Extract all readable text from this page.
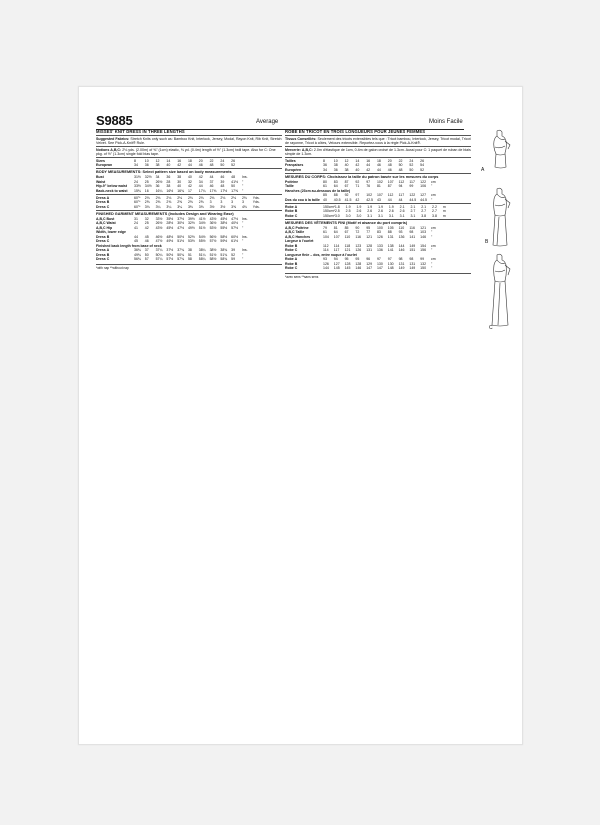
S9885	Average	Moins Facile
MISSES' KNIT DRESS IN THREE LENGTHS
Suggested Fabrics: Stretch Knits only such as: Bamboo Knit, Interlock, Jersey, Modal, Rayon Knit, Rib Knit, Stretch Velvet. See Pick-A-Knit® Rule.
Notions A,B,C: 2⅛ yds. (2.00m) of ⅜" (1cm) elastic, ⅜ yd. (0.4m) length of ½" (1.3cm) twill tape. Also for C: One pkg. of ½" (1.3cm) single fold bias tape.
Sizes	8	10	12	14	16	18	20	22	24	26
European	34	36	38	40	42	44	46	48	50	52
BODY MEASUREMENTS: Select pattern size based on body measurements
Bust	31½	32½	34	36	38	40	42	44	46	48	Ins.
Waist	24	25	26½	28	30	32	34	37	39	41½	"
Hip-9" below waist	33½	34½	36	38	40	42	44	46	48	50	"
Back-neck to waist	15¾	16	16¼	16½	16¾	17	17¼	17⅜	17½	17⅝	"
Dress A	60"*	2⅛	2⅛	2⅛	2⅛	2⅛	2⅛	2⅛	2⅛	2⅛	2⅛	Yds.
Dress B	60"*	2⅝	2⅝	2⅝	2⅝	2⅝	2⅝	3	3	3	3	Yds.
Dress C	60"*	3⅛	3¼	3¼	3¼	3⅜	3⅜	3½	3½	3⅝	4⅛	Yds.
FINISHED GARMENT MEASUREMENTS (Includes Design and Wearing Ease)
A,B,C Bust	31	32	33½	35½	37½	39½	41½	43½	45½	47½	Ins.
A,B,C Waist	24	25	26½	28½	30½	32½	34½	36½	38½	40½	"
A,B,C Hip	41	42	43½	45½	47½	49½	51½	53½	55½	57½	"
Width, lower edge
Dress B	44	45	46½	48½	50½	52½	54½	56½	58½	60½	Ins.
Dress C	45	46	47½	49½	51½	53½	55½	57½	59½	61½	"
Finished back length from base of neck
Dress A	36¾	37	37¼	37½	37¾	38	38¼	38½	38¾	39	Ins.
Dress B	49¾	50	50¼	50½	50¾	51	51¼	51½	51¾	52	"
Dress C	56¾	57	57¼	57½	57¾	58	58¼	58½	58¾	59	"
*with nap **without nap
ROBE EN TRICOT EN TROIS LONGUEURS POUR JEUNES FEMMES
Tissus Conseillés: Seulement des tricots extensibles tels que : Tricot bambou, Interlock, Jersey, Tricot modal, Tricot de rayonne, Tricot à côtes, Velours extensible. Reportez-vous à la règle Pick-A-Knit®.
Mercerie: A,B,C: 2.0m d'élastique de 1cm, 0.4m de galon croisé de 1.3cm. Aussi pour C: 1 paquet de ruban de biais simple de 1.3cm.
Tailles	8	10	12	14	16	18	20	22	24	26
Françaises	36	38	40	42	44	46	48	50	52	54
Européen	34	36	38	40	42	44	46	48	50	52
MESURES DU CORPS: Choisissez la taille du patron basée sur les mesures du corps
Poitrine	80	83	87	92	97	102	107	112	117	122	cm
Taille	61	64	67	71	76	81	87	94	99	106	"
Hanches (23cm au-dessous de la taille)
	85	88	92	97	102	107	112	117	122	127	cm
Dos du cou à la taille	40	40.5	41.5	42	42.5	43	44	44	44.5	44.5	"
Robe A	150cm*	1.8	1.9	1.9	1.9	1.9	1.9	2.1	2.1	2.1	2.2	m
Robe B	150cm*	2.5	2.5	2.6	2.6	2.6	2.6	2.6	2.7	2.7	2.7	m
Robe C	150cm*	3.0	3.0	3.0	3.1	3.1	3.1	3.1	3.1	3.8	3.8	m
MESURES DES VÊTEMENTS FINI (Motif et aisance du port compris)
A,B,C Poitrine	79	81	85	90	95	100	105	110	116	121	cm
A,B,C Taille	61	64	67	72	77	83	88	93	98	103	"
A,B,C Hanches	104	107	110	116	121	126	131	136	141	146	"
Largeur à l'ourlet
Robe B	112	114	118	123	128	133	138	144	149	154	cm
Robe C	114	117	121	126	131	136	141	146	151	156	"
Longueur finie – dos, entre nuque à l'ourlet
Robe A	93	94	95	95	96	97	97	98	98	99	cm
Robe B	126	127	128	128	129	130	130	131	131	132	"
Robe C	144	145	145	146	147	147	148	149	149	150	"
*avec sens **sans sens
A
B
C
